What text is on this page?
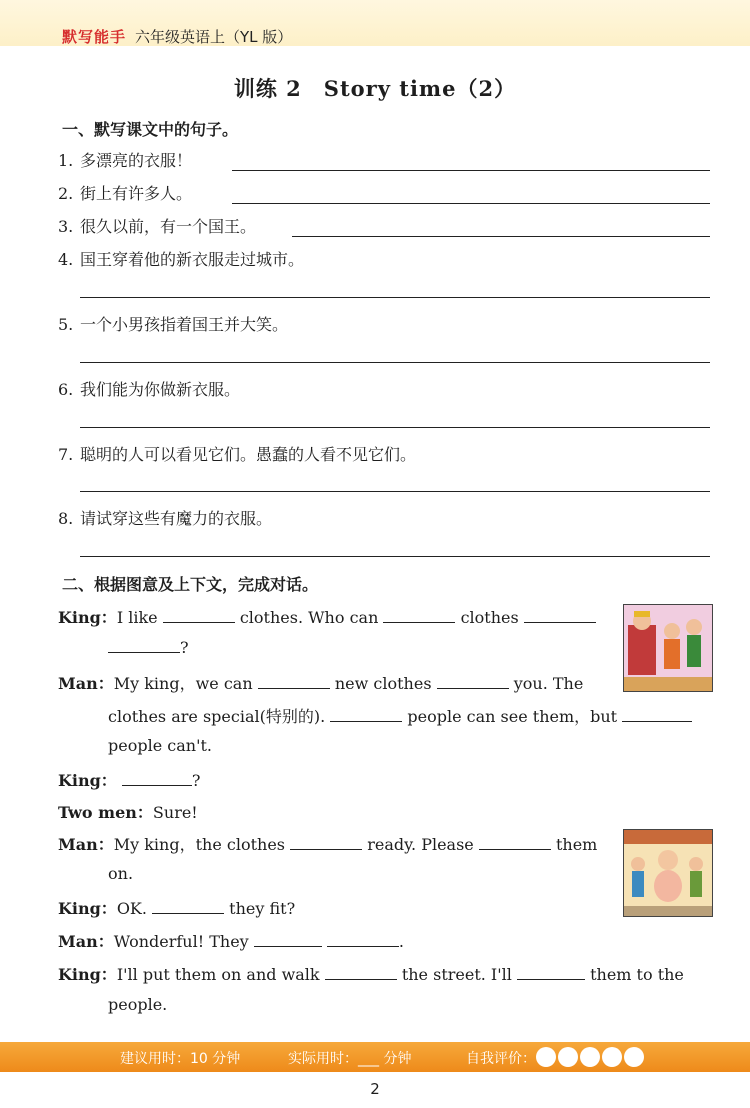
默写能手 六年级英语上（YL 版）
训练 2　Story time（2）
一、默写课文中的句子。
1. 多漂亮的衣服！
2. 街上有许多人。
3. 很久以前，有一个国王。
4. 国王穿着他的新衣服走过城市。
5. 一个小男孩指着国王并大笑。
6. 我们能为你做新衣服。
7. 聪明的人可以看见它们。愚蠢的人看不见它们。
8. 请试穿这些有魔力的衣服。
二、根据图意及上下文，完成对话。
King：I like	clothes. Who can	clothes
?
Man：My king，we can	new clothes	you. The
clothes are special(特别的).	people can see them，but
people can't.
King：	?
Two men：Sure!
Man：My king，the clothes	ready. Please	them
on.
King：OK.	they fit?
Man：Wonderful! They	.
King：I'll put them on and walk	the street. I'll	them to the
people.
建议用时：10 分钟	实际用时：___ 分钟	自我评价：
2
